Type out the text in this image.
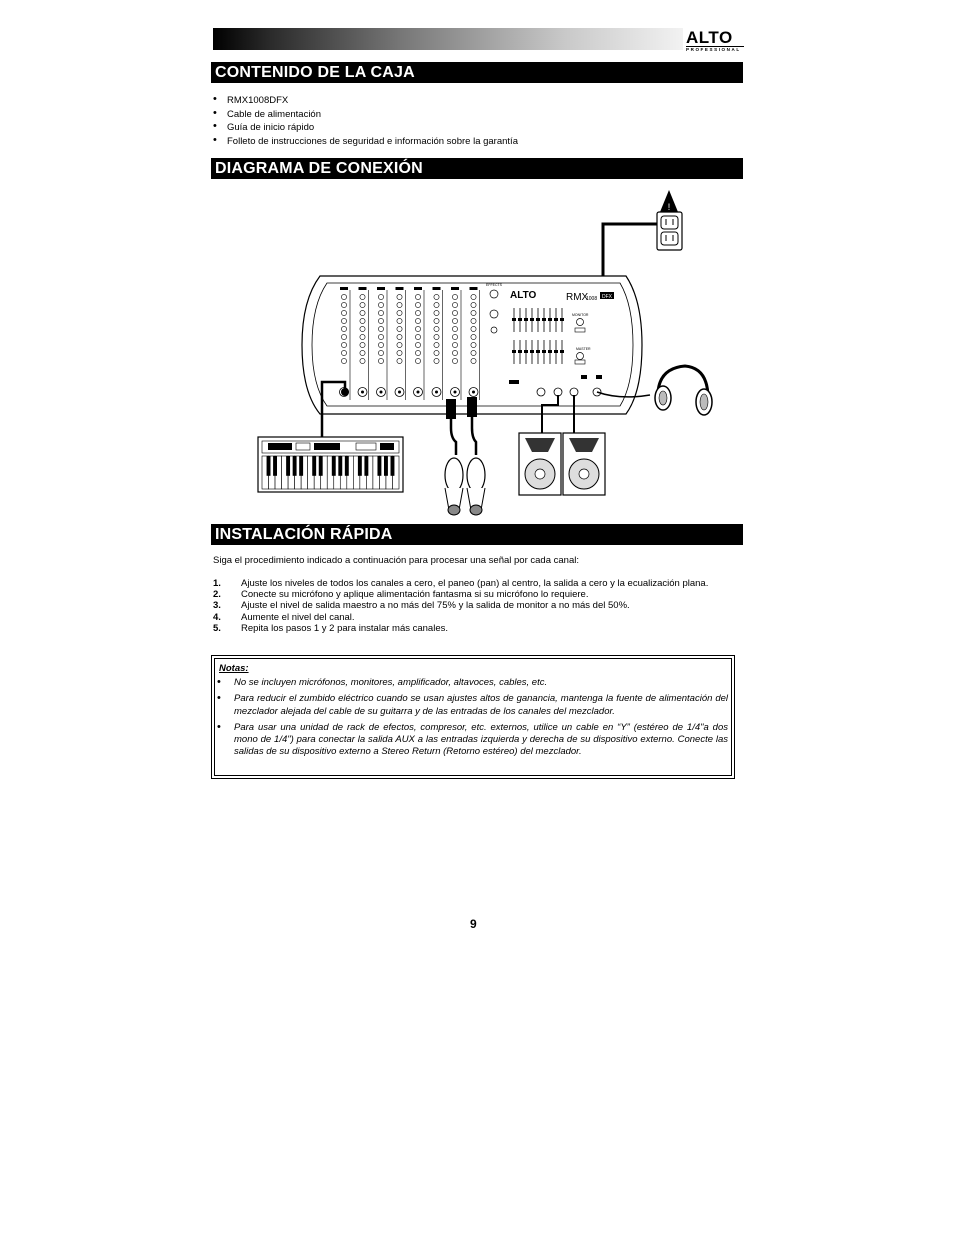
ALTO
PROFESSIONAL
CONTENIDO DE LA CAJA
• RMX1008DFX
• Cable de alimentación
• Guía de inicio rápido
• Folleto de instrucciones de seguridad e información sobre la garantía
DIAGRAMA DE CONEXIÓN
!
ALTO	RMX
1008 DFX
MONITOR
MASTER
EFFECTS
INSTALACIÓN RÁPIDA
Siga el procedimiento indicado a continuación para procesar una señal por cada canal:
1. Ajuste los niveles de todos los canales a cero, el paneo (pan) al centro, la salida a cero y la ecualización plana.
2. Conecte su micrófono y aplique alimentación fantasma si su micrófono lo requiere.
3. Ajuste el nivel de salida maestro a no más del 75% y la salida de monitor a no más del 50%.
4. Aumente el nivel del canal.
5. Repita los pasos 1 y 2 para instalar más canales.
Notas:
• No se incluyen micrófonos, monitores, amplificador, altavoces, cables, etc.
• Para reducir el zumbido eléctrico cuando se usan ajustes altos de ganancia, mantenga la fuente de alimentación del mezclador alejada del cable de su guitarra y de las entradas de los canales del mezclador.
• Para usar una unidad de rack de efectos, compresor, etc. externos, utilice un cable en “Y” (estéreo de 1/4"a dos mono de 1/4") para conectar la salida AUX a las entradas izquierda y derecha de su dispositivo externo. Conecte las salidas de su dispositivo externo a Stereo Return (Retorno estéreo) del mezclador.
9
